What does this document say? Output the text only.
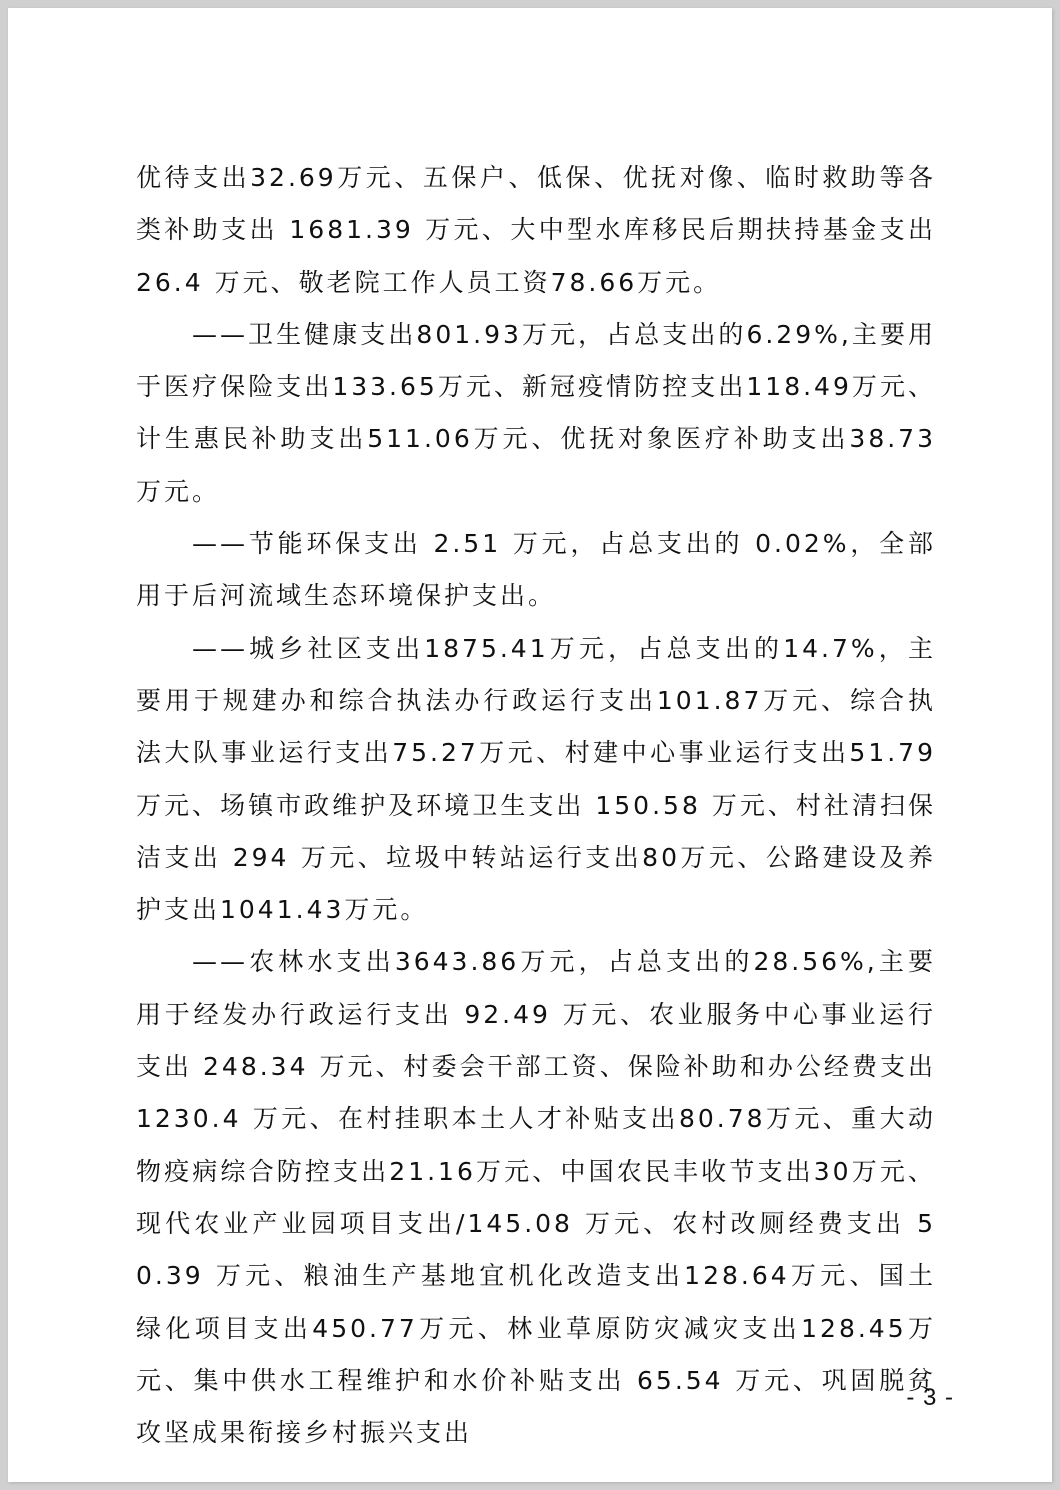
优待支出32.69万元、五保户、低保、优抚对像、临时救助等各类补助支出 1681.39 万元、大中型水库移民后期扶持基金支出 26.4 万元、敬老院工作人员工资78.66万元。

——卫生健康支出801.93万元，占总支出的6.29%,主要用于医疗保险支出133.65万元、新冠疫情防控支出118.49万元、计生惠民补助支出511.06万元、优抚对象医疗补助支出38.73万元。

——节能环保支出 2.51 万元，占总支出的 0.02%，全部用于后河流域生态环境保护支出。

——城乡社区支出1875.41万元，占总支出的14.7%，主要用于规建办和综合执法办行政运行支出101.87万元、综合执法大队事业运行支出75.27万元、村建中心事业运行支出51.79万元、场镇市政维护及环境卫生支出 150.58 万元、村社清扫保洁支出 294 万元、垃圾中转站运行支出80万元、公路建设及养护支出1041.43万元。

——农林水支出3643.86万元，占总支出的28.56%,主要用于经发办行政运行支出 92.49 万元、农业服务中心事业运行支出 248.34 万元、村委会干部工资、保险补助和办公经费支出 1230.4 万元、在村挂职本土人才补贴支出80.78万元、重大动物疫病综合防控支出21.16万元、中国农民丰收节支出30万元、现代农业产业园项目支出/145.08 万元、农村改厕经费支出 50.39 万元、粮油生产基地宜机化改造支出128.64万元、国土绿化项目支出450.77万元、林业草原防灾减灾支出128.45万元、集中供水工程维护和水价补贴支出 65.54 万元、巩固脱贫攻坚成果衔接乡村振兴支出

- 3 -
